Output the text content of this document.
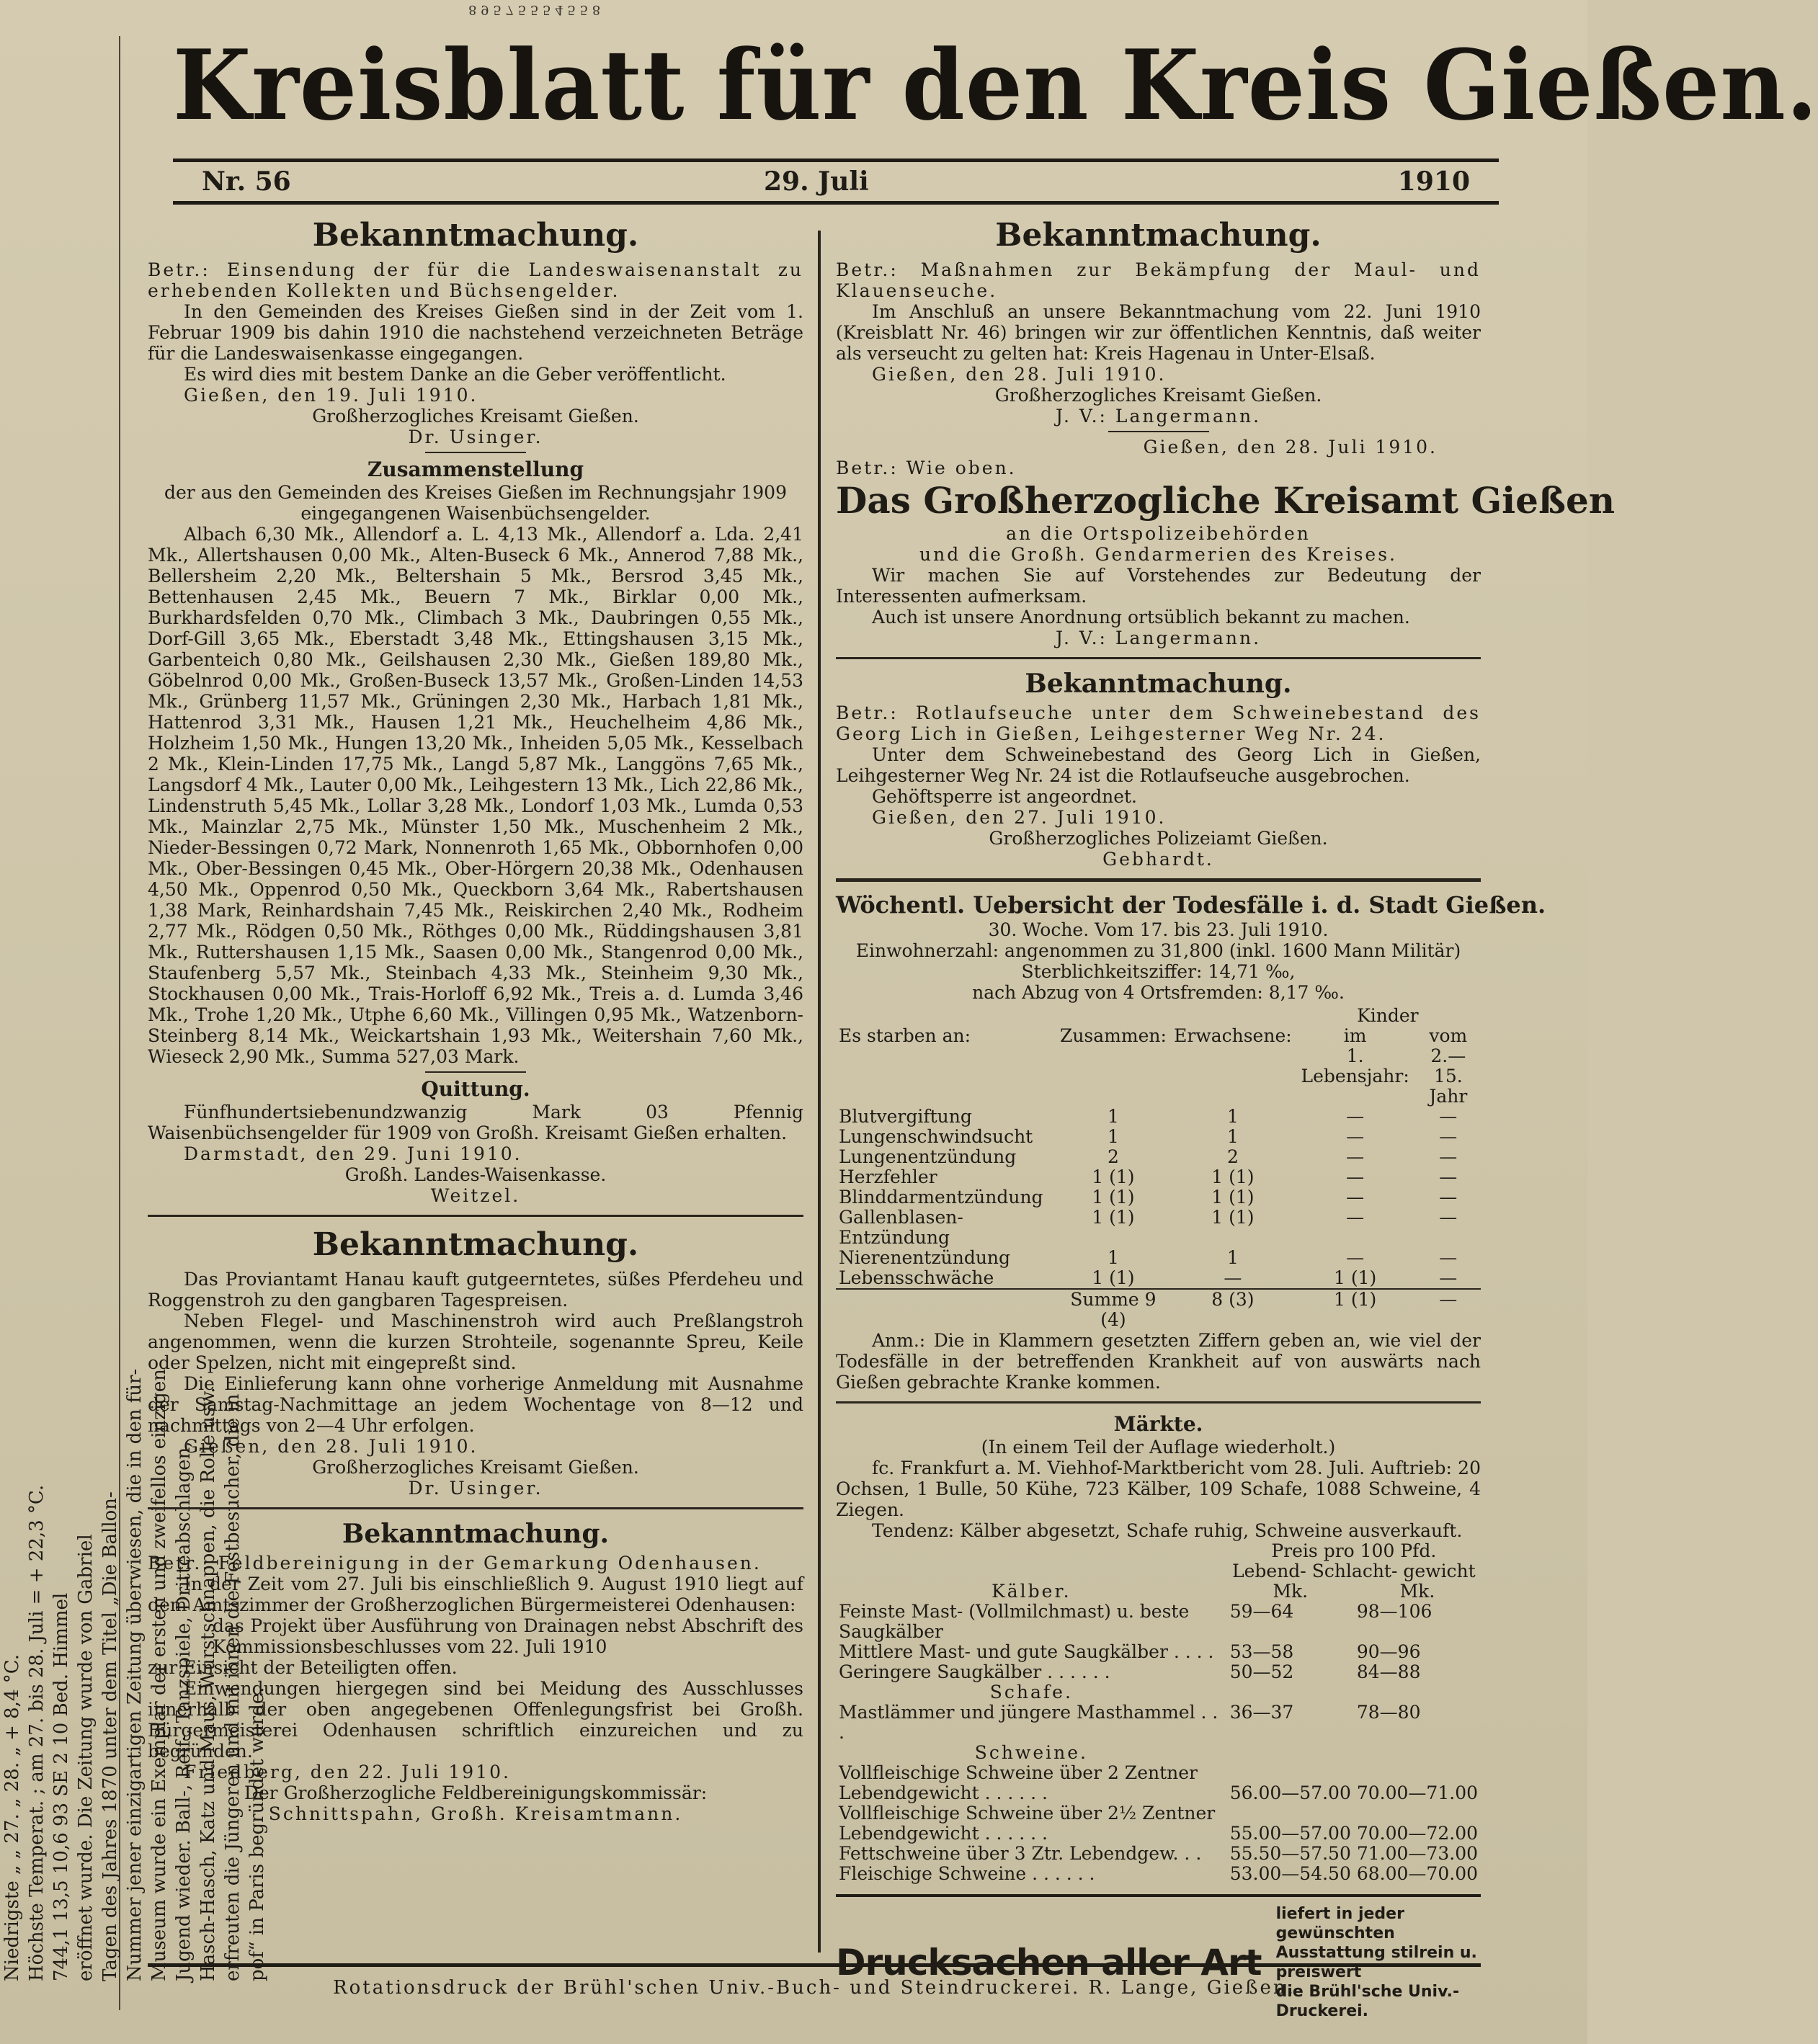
8 9 5 7 5 5 5 4 5 5 8
Niedrigste „ „ 27. „ 28. „ + 8,4 °C. Höchste Temperat. ; am 27. bis 28. Juli = + 22,3 °C. 744,1 13,5 10,6 93 SE 2 10 Bed. Himmel eröffnet wurde. Die Zeitung wurde von Gabriel Tagen des Jahres 1870 unter dem Titel „Die Ballon- Nummer jener einzigartigen Zeitung überwiesen, die in den für- Museum wurde ein Exemplar der ersten und zweifellos einzigen Jugend wieder. Ball-, Reif-, Tanzspiele, Dritteabschlagen, Hasch-Hasch, Katz und Maus, Wurstschnappen, die Rolle usw. erfreuten die Jüngeren und mit ihnen die Festbesucher, die in pof“ in Paris begründet wurde.
Kreisblatt für den Kreis Gießen.
Nr. 56	29. Juli	1910
Bekanntmachung.

Betr.: Einsendung der für die Landeswaisenanstalt zu erhebenden Kollekten und Büchsengelder.

In den Gemeinden des Kreises Gießen sind in der Zeit vom 1. Februar 1909 bis dahin 1910 die nachstehend verzeichneten Beträge für die Landeswaisenkasse eingegangen.

Es wird dies mit bestem Danke an die Geber veröffentlicht.

Gießen, den 19. Juli 1910.

Großherzogliches Kreisamt Gießen.

Dr. Usinger.

Zusammenstellung

der aus den Gemeinden des Kreises Gießen im Rechnungsjahr 1909 eingegangenen Waisenbüchsengelder.

Albach 6,30 Mk., Allendorf a. L. 4,13 Mk., Allendorf a. Lda. 2,41 Mk., Allertshausen 0,00 Mk., Alten-Buseck 6 Mk., Annerod 7,88 Mk., Bellersheim 2,20 Mk., Beltershain 5 Mk., Bersrod 3,45 Mk., Bettenhausen 2,45 Mk., Beuern 7 Mk., Birklar 0,00 Mk., Burkhardsfelden 0,70 Mk., Climbach 3 Mk., Daubringen 0,55 Mk., Dorf-Gill 3,65 Mk., Eberstadt 3,48 Mk., Ettingshausen 3,15 Mk., Garbenteich 0,80 Mk., Geilshausen 2,30 Mk., Gießen 189,80 Mk., Göbelnrod 0,00 Mk., Großen-Buseck 13,57 Mk., Großen-Linden 14,53 Mk., Grünberg 11,57 Mk., Grüningen 2,30 Mk., Harbach 1,81 Mk., Hattenrod 3,31 Mk., Hausen 1,21 Mk., Heuchelheim 4,86 Mk., Holzheim 1,50 Mk., Hungen 13,20 Mk., Inheiden 5,05 Mk., Kesselbach 2 Mk., Klein-Linden 17,75 Mk., Langd 5,87 Mk., Langgöns 7,65 Mk., Langsdorf 4 Mk., Lauter 0,00 Mk., Leihgestern 13 Mk., Lich 22,86 Mk., Lindenstruth 5,45 Mk., Lollar 3,28 Mk., Londorf 1,03 Mk., Lumda 0,53 Mk., Mainzlar 2,75 Mk., Münster 1,50 Mk., Muschenheim 2 Mk., Nieder-Bessingen 0,72 Mark, Nonnenroth 1,65 Mk., Obbornhofen 0,00 Mk., Ober-Bessingen 0,45 Mk., Ober-Hörgern 20,38 Mk., Odenhausen 4,50 Mk., Oppenrod 0,50 Mk., Queckborn 3,64 Mk., Rabertshausen 1,38 Mark, Reinhardshain 7,45 Mk., Reiskirchen 2,40 Mk., Rodheim 2,77 Mk., Rödgen 0,50 Mk., Röthges 0,00 Mk., Rüddingshausen 3,81 Mk., Ruttershausen 1,15 Mk., Saasen 0,00 Mk., Stangenrod 0,00 Mk., Staufenberg 5,57 Mk., Steinbach 4,33 Mk., Steinheim 9,30 Mk., Stockhausen 0,00 Mk., Trais-Horloff 6,92 Mk., Treis a. d. Lumda 3,46 Mk., Trohe 1,20 Mk., Utphe 6,60 Mk., Villingen 0,95 Mk., Watzenborn-Steinberg 8,14 Mk., Weickartshain 1,93 Mk., Weitershain 7,60 Mk., Wieseck 2,90 Mk., Summa 527,03 Mark.

Quittung.

Fünfhundertsiebenundzwanzig Mark 03 Pfennig Waisenbüchsengelder für 1909 von Großh. Kreisamt Gießen erhalten.

Darmstadt, den 29. Juni 1910.

Großh. Landes-Waisenkasse.

Weitzel.

Bekanntmachung.

Das Proviantamt Hanau kauft gutgeerntetes, süßes Pferdeheu und Roggenstroh zu den gangbaren Tagespreisen.

Neben Flegel- und Maschinenstroh wird auch Preßlangstroh angenommen, wenn die kurzen Strohteile, sogenannte Spreu, Keile oder Spelzen, nicht mit eingepreßt sind.

Die Einlieferung kann ohne vorherige Anmeldung mit Ausnahme der Samstag-Nachmittage an jedem Wochentage von 8—12 und nachmittags von 2—4 Uhr erfolgen.

Gießen, den 28. Juli 1910.

Großherzogliches Kreisamt Gießen.

Dr. Usinger.

Bekanntmachung.

Betr.: Feldbereinigung in der Gemarkung Odenhausen.

In der Zeit vom 27. Juli bis einschließlich 9. August 1910 liegt auf dem Amtszimmer der Großherzoglichen Bürgermeisterei Odenhausen:

das Projekt über Ausführung von Drainagen nebst Abschrift des Kommissionsbeschlusses vom 22. Juli 1910

zur Einsicht der Beteiligten offen.

Einwendungen hiergegen sind bei Meidung des Ausschlusses innerhalb der oben angegebenen Offenlegungsfrist bei Großh. Bürgermeisterei Odenhausen schriftlich einzureichen und zu begründen.

Friedberg, den 22. Juli 1910.

Der Großherzogliche Feldbereinigungskommissär:

Schnittspahn, Großh. Kreisamtmann.

Bekanntmachung.

Betr.: Maßnahmen zur Bekämpfung der Maul- und Klauenseuche.

Im Anschluß an unsere Bekanntmachung vom 22. Juni 1910 (Kreisblatt Nr. 46) bringen wir zur öffentlichen Kenntnis, daß weiter als verseucht zu gelten hat: Kreis Hagenau in Unter-Elsaß.

Gießen, den 28. Juli 1910.

Großherzogliches Kreisamt Gießen.

J. V.: Langermann.

Gießen, den 28. Juli 1910.

Betr.: Wie oben.

Das Großherzogliche Kreisamt Gießen

an die Ortspolizeibehörden

und die Großh. Gendarmerien des Kreises.

Wir machen Sie auf Vorstehendes zur Bedeutung der Interessenten aufmerksam.

Auch ist unsere Anordnung ortsüblich bekannt zu machen.

J. V.: Langermann.

Bekanntmachung.

Betr.: Rotlaufseuche unter dem Schweinebestand des Georg Lich in Gießen, Leihgesterner Weg Nr. 24.

Unter dem Schweinebestand des Georg Lich in Gießen, Leihgesterner Weg Nr. 24 ist die Rotlaufseuche ausgebrochen.

Gehöftsperre ist angeordnet.

Gießen, den 27. Juli 1910.

Großherzogliches Polizeiamt Gießen.

Gebhardt.

Wöchentl. Uebersicht der Todesfälle i. d. Stadt Gießen.

30. Woche. Vom 17. bis 23. Juli 1910.

Einwohnerzahl: angenommen zu 31,800 (inkl. 1600 Mann Militär)

Sterblichkeitsziffer: 14,71 ‰,

nach Abzug von 4 Ortsfremden: 8,17 ‰.

			Kinder	
Es starben an:	Zusammen:	Erwachsene:	im	vom
			1. Lebensjahr:	2.—15. Jahr
Blutvergiftung	1	1	—	—
Lungenschwindsucht	1	1	—	—
Lungenentzündung	2	2	—	—
Herzfehler	1 (1)	1 (1)	—	—
Blinddarmentzündung	1 (1)	1 (1)	—	—
Gallenblasen-Entzündung	1 (1)	1 (1)	—	—
Nierenentzündung	1	1	—	—
Lebensschwäche	1 (1)	—	1 (1)	—
	Summe 9 (4)	8 (3)	1 (1)	—

Anm.: Die in Klammern gesetzten Ziffern geben an, wie viel der Todesfälle in der betreffenden Krankheit auf von auswärts nach Gießen gebrachte Kranke kommen.

Märkte.

(In einem Teil der Auflage wiederholt.)

fc. Frankfurt a. M. Viehhof-Marktbericht vom 28. Juli. Auftrieb: 20 Ochsen, 1 Bulle, 50 Kühe, 723 Kälber, 109 Schafe, 1088 Schweine, 4 Ziegen.

Tendenz: Kälber abgesetzt, Schafe ruhig, Schweine ausverkauft.

	Preis pro 100 Pfd.	
	Lebend- Schlacht- gewicht	
Kälber.	Mk.	Mk.
Feinste Mast- (Vollmilchmast) u. beste Saugkälber	59—64	98—106
Mittlere Mast- und gute Saugkälber . . . .	53—58	90—96
Geringere Saugkälber . . . . . .	50—52	84—88
Schafe.		
Mastlämmer und jüngere Masthammel . . .	36—37	78—80
Schweine.		
Vollfleischige Schweine über 2 Zentner Lebendgewicht . . . . . .	56.00—57.00	70.00—71.00
Vollfleischige Schweine über 2½ Zentner Lebendgewicht . . . . . .	55.00—57.00	70.00—72.00
Fettschweine über 3 Ztr. Lebendgew. . .	55.50—57.50	71.00—73.00
Fleischige Schweine . . . . . .	53.00—54.50	68.00—70.00
Drucksachen aller Art
liefert in jeder gewünschten
Ausstattung stilrein u. preiswert
die Brühl'sche Univ.-Druckerei.
Rotationsdruck der Brühl'schen Univ.-Buch- und Steindruckerei. R. Lange, Gießen.
